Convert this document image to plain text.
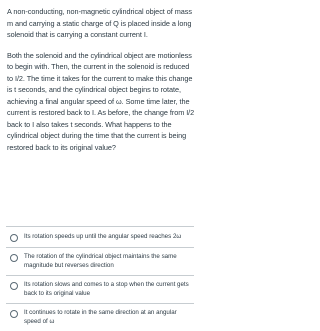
A non-conducting, non-magnetic cylindrical object of mass m and carrying a static charge of Q is placed inside a long solenoid that is carrying a constant current I.

Both the solenoid and the cylindrical object are motionless to begin with. Then, the current in the solenoid is reduced to I/2. The time it takes for the current to make this change is t seconds, and the cylindrical object begins to rotate, achieving a final angular speed of ω. Some time later, the current is restored back to I. As before, the change from I/2 back to I also takes t seconds. What happens to the cylindrical object during the time that the current is being restored back to its original value?

Its rotation speeds up until the angular speed reaches 2ω
The rotation of the cylindrical object maintains the same magnitude but reverses direction
Its rotation slows and comes to a stop when the current gets back to its original value
It continues to rotate in the same direction at an angular speed of ω
